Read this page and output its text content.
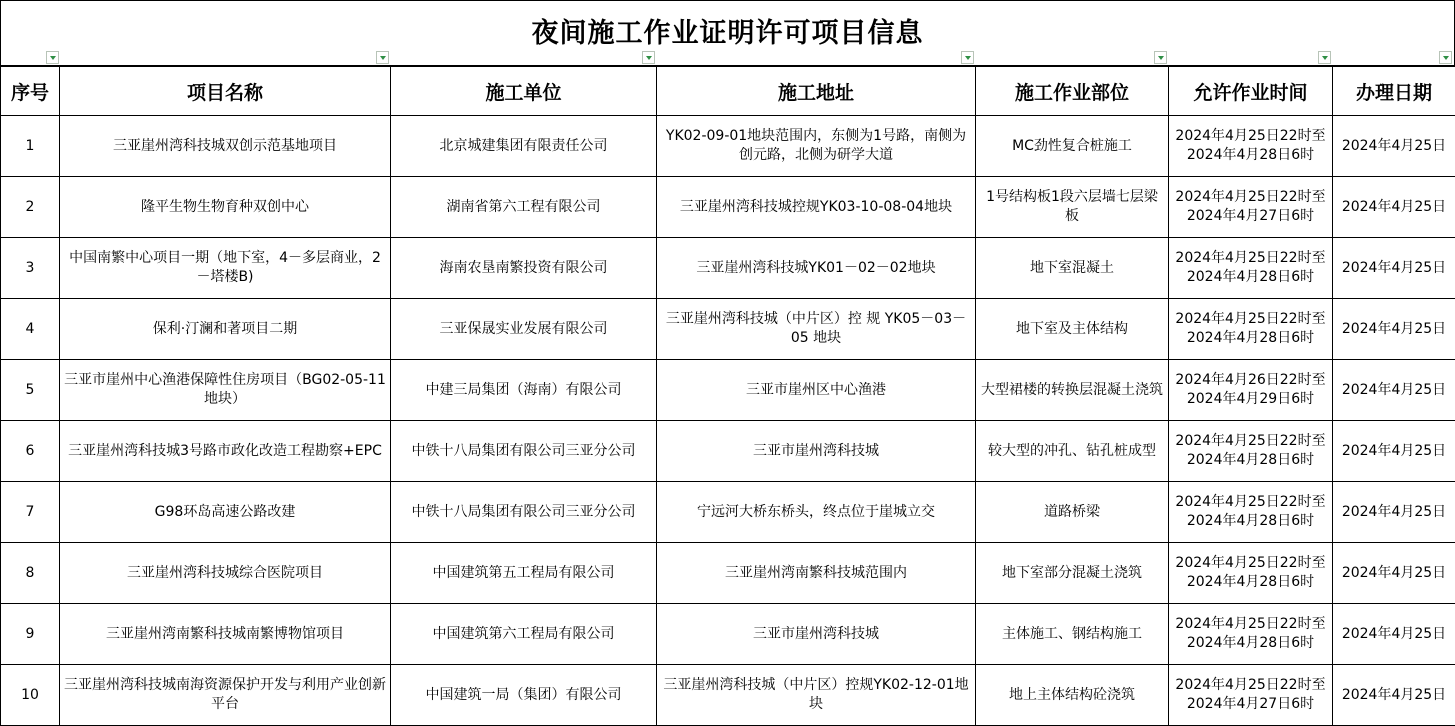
夜间施工作业证明许可项目信息
序号	项目名称	施工单位	施工地址	施工作业部位	允许作业时间	办理日期
1	三亚崖州湾科技城双创示范基地项目	北京城建集团有限责任公司	YK02-09-01地块范围内，东侧为1号路，南侧为创元路，北侧为研学大道	MC劲性复合桩施工	2024年4月25日22时至2024年4月28日6时	2024年4月25日
2	隆平生物生物育种双创中心	湖南省第六工程有限公司	三亚崖州湾科技城控规YK03-10-08-04地块	1号结构板1段六层墙七层梁板	2024年4月25日22时至2024年4月27日6时	2024年4月25日
3	中国南繁中心项目一期（地下室，4－多层商业，2－塔楼B)	海南农垦南繁投资有限公司	三亚崖州湾科技城YK01－02－02地块	地下室混凝土	2024年4月25日22时至2024年4月28日6时	2024年4月25日
4	保利·汀澜和著项目二期	三亚保晟实业发展有限公司	三亚崖州湾科技城（中片区）控 规 YK05－03－05 地块	地下室及主体结构	2024年4月25日22时至2024年4月28日6时	2024年4月25日
5	三亚市崖州中心渔港保障性住房项目（BG02-05-11地块）	中建三局集团（海南）有限公司	三亚市崖州区中心渔港	大型裙楼的转换层混凝土浇筑	2024年4月26日22时至2024年4月29日6时	2024年4月25日
6	三亚崖州湾科技城3号路市政化改造工程勘察+EPC	中铁十八局集团有限公司三亚分公司	三亚市崖州湾科技城	较大型的冲孔、钻孔桩成型	2024年4月25日22时至2024年4月28日6时	2024年4月25日
7	G98环岛高速公路改建	中铁十八局集团有限公司三亚分公司	宁远河大桥东桥头，终点位于崖城立交	道路桥梁	2024年4月25日22时至2024年4月28日6时	2024年4月25日
8	三亚崖州湾科技城综合医院项目	中国建筑第五工程局有限公司	三亚崖州湾南繁科技城范围内	地下室部分混凝土浇筑	2024年4月25日22时至2024年4月28日6时	2024年4月25日
9	三亚崖州湾南繁科技城南繁博物馆项目	中国建筑第六工程局有限公司	三亚市崖州湾科技城	主体施工、钢结构施工	2024年4月25日22时至2024年4月28日6时	2024年4月25日
10	三亚崖州湾科技城南海资源保护开发与利用产业创新平台	中国建筑一局（集团）有限公司	三亚崖州湾科技城（中片区）控规YK02-12-01地块	地上主体结构砼浇筑	2024年4月25日22时至2024年4月27日6时	2024年4月25日
